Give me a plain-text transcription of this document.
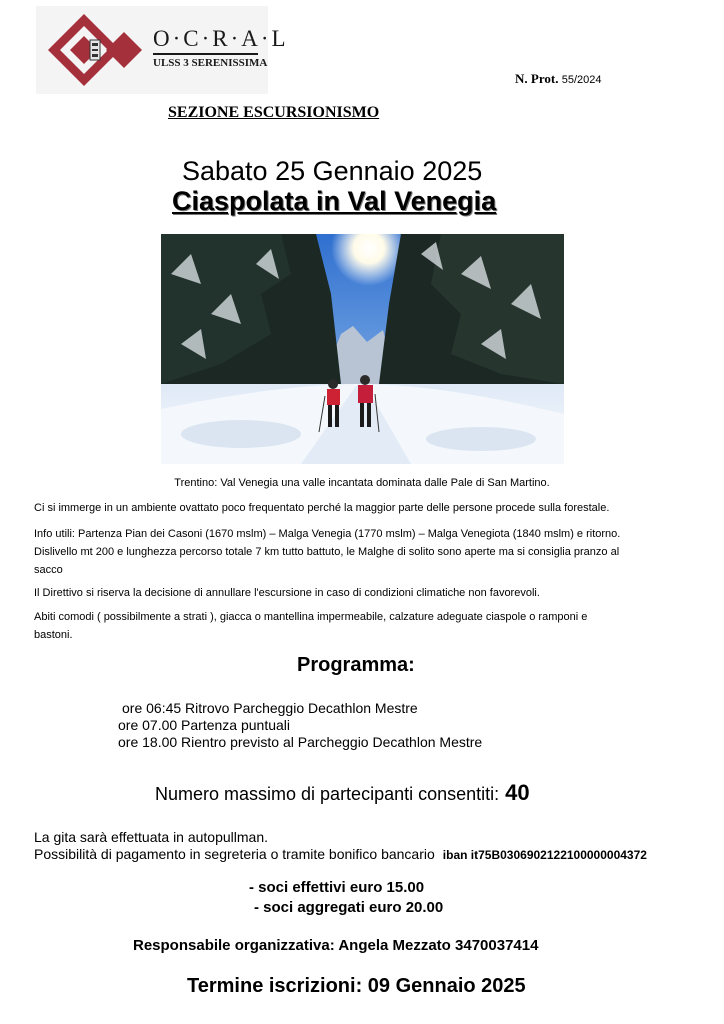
O·C·R·A·L
ULSS 3 SERENISSIMA
N. Prot. 55/2024
SEZIONE ESCURSIONISMO
Sabato 25 Gennaio 2025
Ciaspolata in Val Venegia
Trentino: Val Venegia una valle incantata dominata dalle Pale di San Martino.
Ci si immerge in un ambiente ovattato poco frequentato perché la maggior parte delle persone procede sulla forestale.
Info utili: Partenza Pian dei Casoni (1670 mslm) – Malga Venegia (1770 mslm) – Malga Venegiota (1840 mslm) e ritorno.
Dislivello mt 200 e lunghezza percorso totale 7 km tutto battuto, le Malghe di solito sono aperte ma si consiglia pranzo al
sacco
Il Direttivo si riserva la decisione di annullare l'escursione in caso di condizioni climatiche non favorevoli.
Abiti comodi ( possibilmente a strati ), giacca o mantellina impermeabile, calzature adeguate ciaspole o ramponi e
bastoni.
Programma:
ore 06:45 Ritrovo Parcheggio Decathlon Mestre
ore 07.00 Partenza puntuali
ore 18.00 Rientro previsto al Parcheggio Decathlon Mestre
Numero massimo di partecipanti consentiti: 40
La gita sarà effettuata in autopullman.
Possibilità di pagamento in segreteria o tramite bonifico bancario iban it75B0306902122100000004372
- soci effettivi euro 15.00
- soci aggregati euro 20.00
Responsabile organizzativa: Angela Mezzato 3470037414
Termine iscrizioni: 09 Gennaio 2025
